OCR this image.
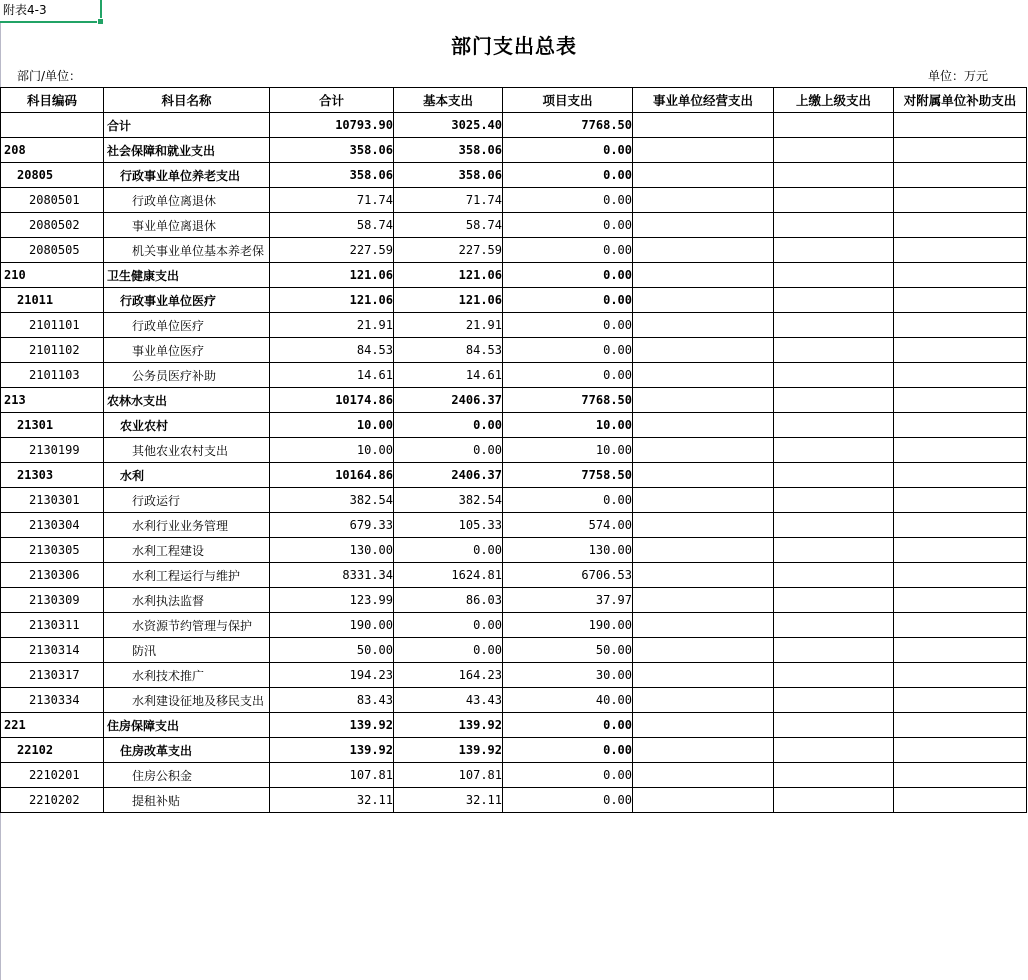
附表4-3
部门支出总表
部门/单位：	单位：万元
科目编码	科目名称	合计	基本支出	项目支出	事业单位经营支出	上缴上级支出	对附属单位补助支出
	合计	10793.90	3025.40	7768.50			
208	社会保障和就业支出	358.06	358.06	0.00			
20805	行政事业单位养老支出	358.06	358.06	0.00			
2080501	行政单位离退休	71.74	71.74	0.00			
2080502	事业单位离退休	58.74	58.74	0.00			
2080505	机关事业单位基本养老保	227.59	227.59	0.00			
210	卫生健康支出	121.06	121.06	0.00			
21011	行政事业单位医疗	121.06	121.06	0.00			
2101101	行政单位医疗	21.91	21.91	0.00			
2101102	事业单位医疗	84.53	84.53	0.00			
2101103	公务员医疗补助	14.61	14.61	0.00			
213	农林水支出	10174.86	2406.37	7768.50			
21301	农业农村	10.00	0.00	10.00			
2130199	其他农业农村支出	10.00	0.00	10.00			
21303	水利	10164.86	2406.37	7758.50			
2130301	行政运行	382.54	382.54	0.00			
2130304	水利行业业务管理	679.33	105.33	574.00			
2130305	水利工程建设	130.00	0.00	130.00			
2130306	水利工程运行与维护	8331.34	1624.81	6706.53			
2130309	水利执法监督	123.99	86.03	37.97			
2130311	水资源节约管理与保护	190.00	0.00	190.00			
2130314	防汛	50.00	0.00	50.00			
2130317	水利技术推广	194.23	164.23	30.00			
2130334	水利建设征地及移民支出	83.43	43.43	40.00			
221	住房保障支出	139.92	139.92	0.00			
22102	住房改革支出	139.92	139.92	0.00			
2210201	住房公积金	107.81	107.81	0.00			
2210202	提租补贴	32.11	32.11	0.00			
